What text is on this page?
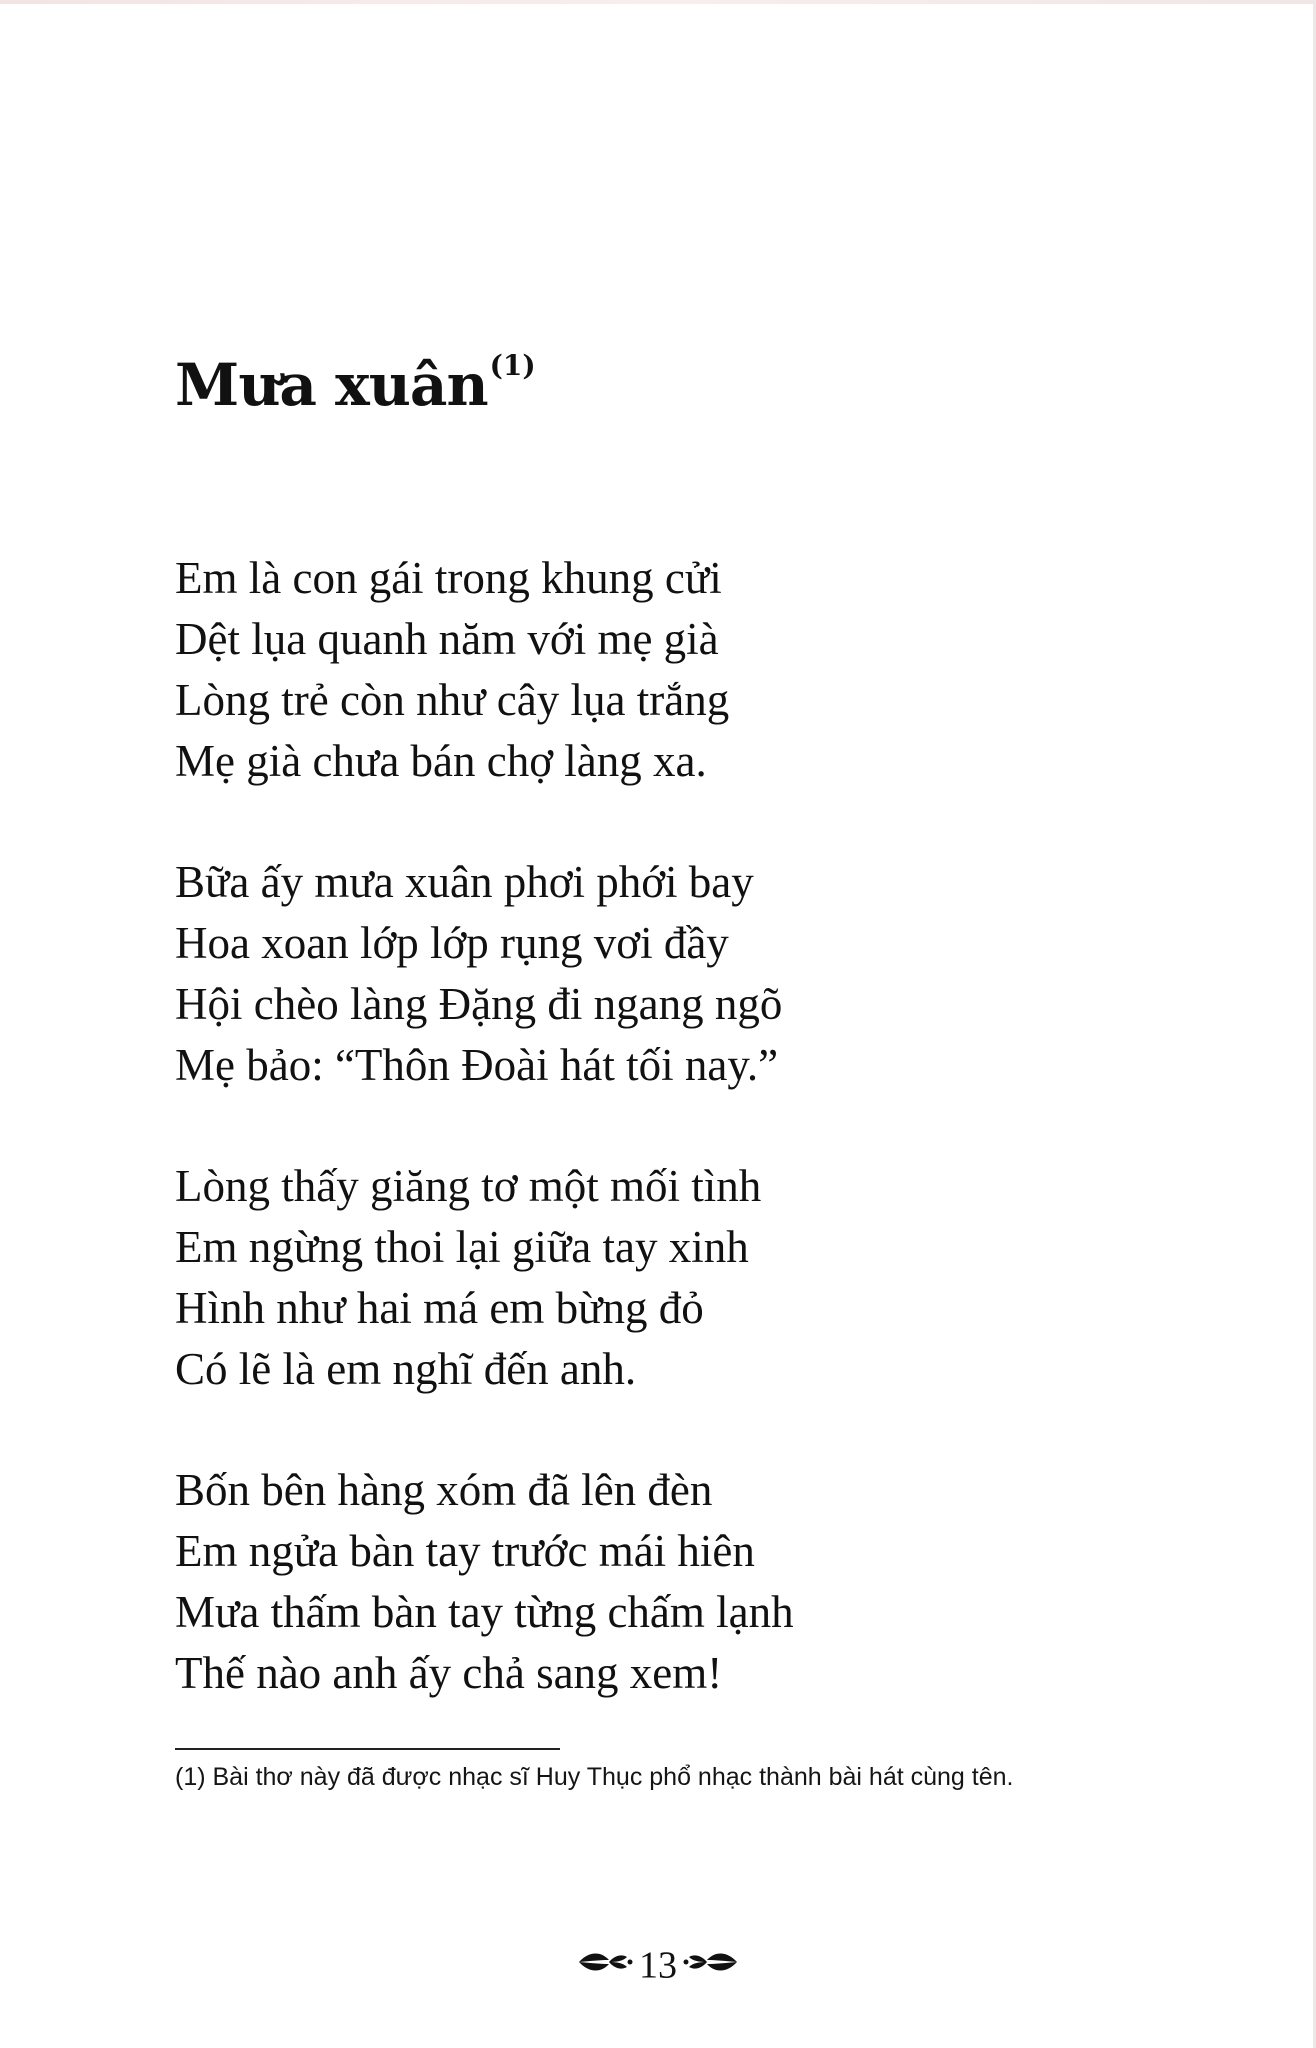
Mưa xuân$^{(1)}$
Em là con gái trong khung cửi
Dệt lụa quanh năm với mẹ già
Lòng trẻ còn như cây lụa trắng
Mẹ già chưa bán chợ làng xa.
Bữa ấy mưa xuân phơi phới bay
Hoa xoan lớp lớp rụng vơi đầy
Hội chèo làng Đặng đi ngang ngõ
Mẹ bảo: “Thôn Đoài hát tối nay.”
Lòng thấy giăng tơ một mối tình
Em ngừng thoi lại giữa tay xinh
Hình như hai má em bừng đỏ
Có lẽ là em nghĩ đến anh.
Bốn bên hàng xóm đã lên đèn
Em ngửa bàn tay trước mái hiên
Mưa thấm bàn tay từng chấm lạnh
Thế nào anh ấy chả sang xem!

(1) Bài thơ này đã được nhạc sĩ Huy Thục phổ nhạc thành bài hát cùng tên.

13
